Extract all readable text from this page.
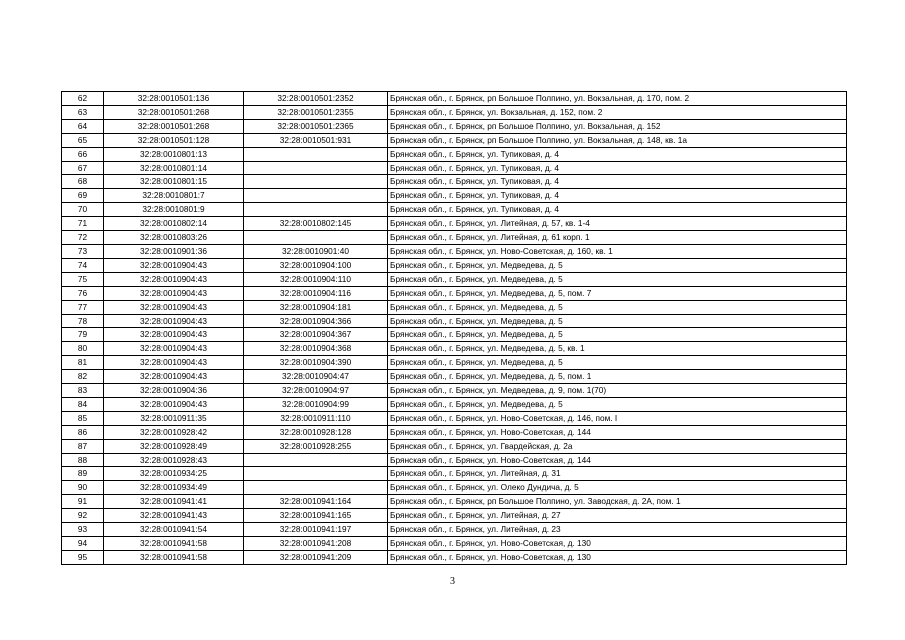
62	32:28:0010501:136	32:28:0010501:2352	Брянская обл., г. Брянск, рп Большое Полпино, ул. Вокзальная, д. 170, пом. 2
63	32:28:0010501:268	32:28:0010501:2355	Брянская обл., г. Брянск, ул. Вокзальная, д. 152, пом. 2
64	32:28:0010501:268	32:28:0010501:2365	Брянская обл., г. Брянск, рп Большое Полпино, ул. Вокзальная, д. 152
65	32:28:0010501:128	32:28:0010501:931	Брянская обл., г. Брянск, рп Большое Полпино, ул. Вокзальная, д. 148, кв. 1а
66	32:28:0010801:13		Брянская обл., г. Брянск, ул. Тупиковая, д. 4
67	32:28:0010801:14		Брянская обл., г. Брянск, ул. Тупиковая, д. 4
68	32:28:0010801:15		Брянская обл., г. Брянск, ул. Тупиковая, д. 4
69	32:28:0010801:7		Брянская обл., г. Брянск, ул. Тупиковая, д. 4
70	32:28:0010801:9		Брянская обл., г. Брянск, ул. Тупиковая, д. 4
71	32:28:0010802:14	32:28:0010802:145	Брянская обл., г. Брянск, ул. Литейная, д. 57, кв. 1-4
72	32:28:0010803:26		Брянская обл., г. Брянск, ул. Литейная, д. 61 корп. 1
73	32:28:0010901:36	32:28:0010901:40	Брянская обл., г. Брянск, ул. Ново-Советская, д. 160, кв. 1
74	32:28:0010904:43	32:28:0010904:100	Брянская обл., г. Брянск, ул. Медведева, д. 5
75	32:28:0010904:43	32:28:0010904:110	Брянская обл., г. Брянск, ул. Медведева, д. 5
76	32:28:0010904:43	32:28:0010904:116	Брянская обл., г. Брянск, ул. Медведева, д. 5, пом. 7
77	32:28:0010904:43	32:28:0010904:181	Брянская обл., г. Брянск, ул. Медведева, д. 5
78	32:28:0010904:43	32:28:0010904:366	Брянская обл., г. Брянск, ул. Медведева, д. 5
79	32:28:0010904:43	32:28:0010904:367	Брянская обл., г. Брянск, ул. Медведева, д. 5
80	32:28:0010904:43	32:28:0010904:368	Брянская обл., г. Брянск, ул. Медведева, д. 5, кв. 1
81	32:28:0010904:43	32:28:0010904:390	Брянская обл., г. Брянск, ул. Медведева, д. 5
82	32:28:0010904:43	32:28:0010904:47	Брянская обл., г. Брянск, ул. Медведева, д. 5, пом. 1
83	32:28:0010904:36	32:28:0010904:97	Брянская обл., г. Брянск, ул. Медведева, д. 9, пом. 1(70)
84	32:28:0010904:43	32:28:0010904:99	Брянская обл., г. Брянск, ул. Медведева, д. 5
85	32:28:0010911:35	32:28:0010911:110	Брянская обл., г. Брянск, ул. Ново-Советская, д. 146, пом. I
86	32:28:0010928:42	32:28:0010928:128	Брянская обл., г. Брянск, ул. Ново-Советская, д. 144
87	32:28:0010928:49	32:28:0010928:255	Брянская обл., г. Брянск, ул. Гвардейская, д. 2а
88	32:28:0010928:43		Брянская обл., г. Брянск, ул. Ново-Советская, д. 144
89	32:28:0010934:25		Брянская обл., г. Брянск, ул. Литейная, д. 31
90	32:28:0010934:49		Брянская обл., г. Брянск, ул. Олеко Дундича, д. 5
91	32:28:0010941:41	32:28:0010941:164	Брянская обл., г. Брянск, рп Большое Полпино, ул. Заводская, д. 2А, пом. 1
92	32:28:0010941:43	32:28:0010941:165	Брянская обл., г. Брянск, ул. Литейная, д. 27
93	32:28:0010941:54	32:28:0010941:197	Брянская обл., г. Брянск, ул. Литейная, д. 23
94	32:28:0010941:58	32:28:0010941:208	Брянская обл., г. Брянск, ул. Ново-Советская, д. 130
95	32:28:0010941:58	32:28:0010941:209	Брянская обл., г. Брянск, ул. Ново-Советская, д. 130
3
